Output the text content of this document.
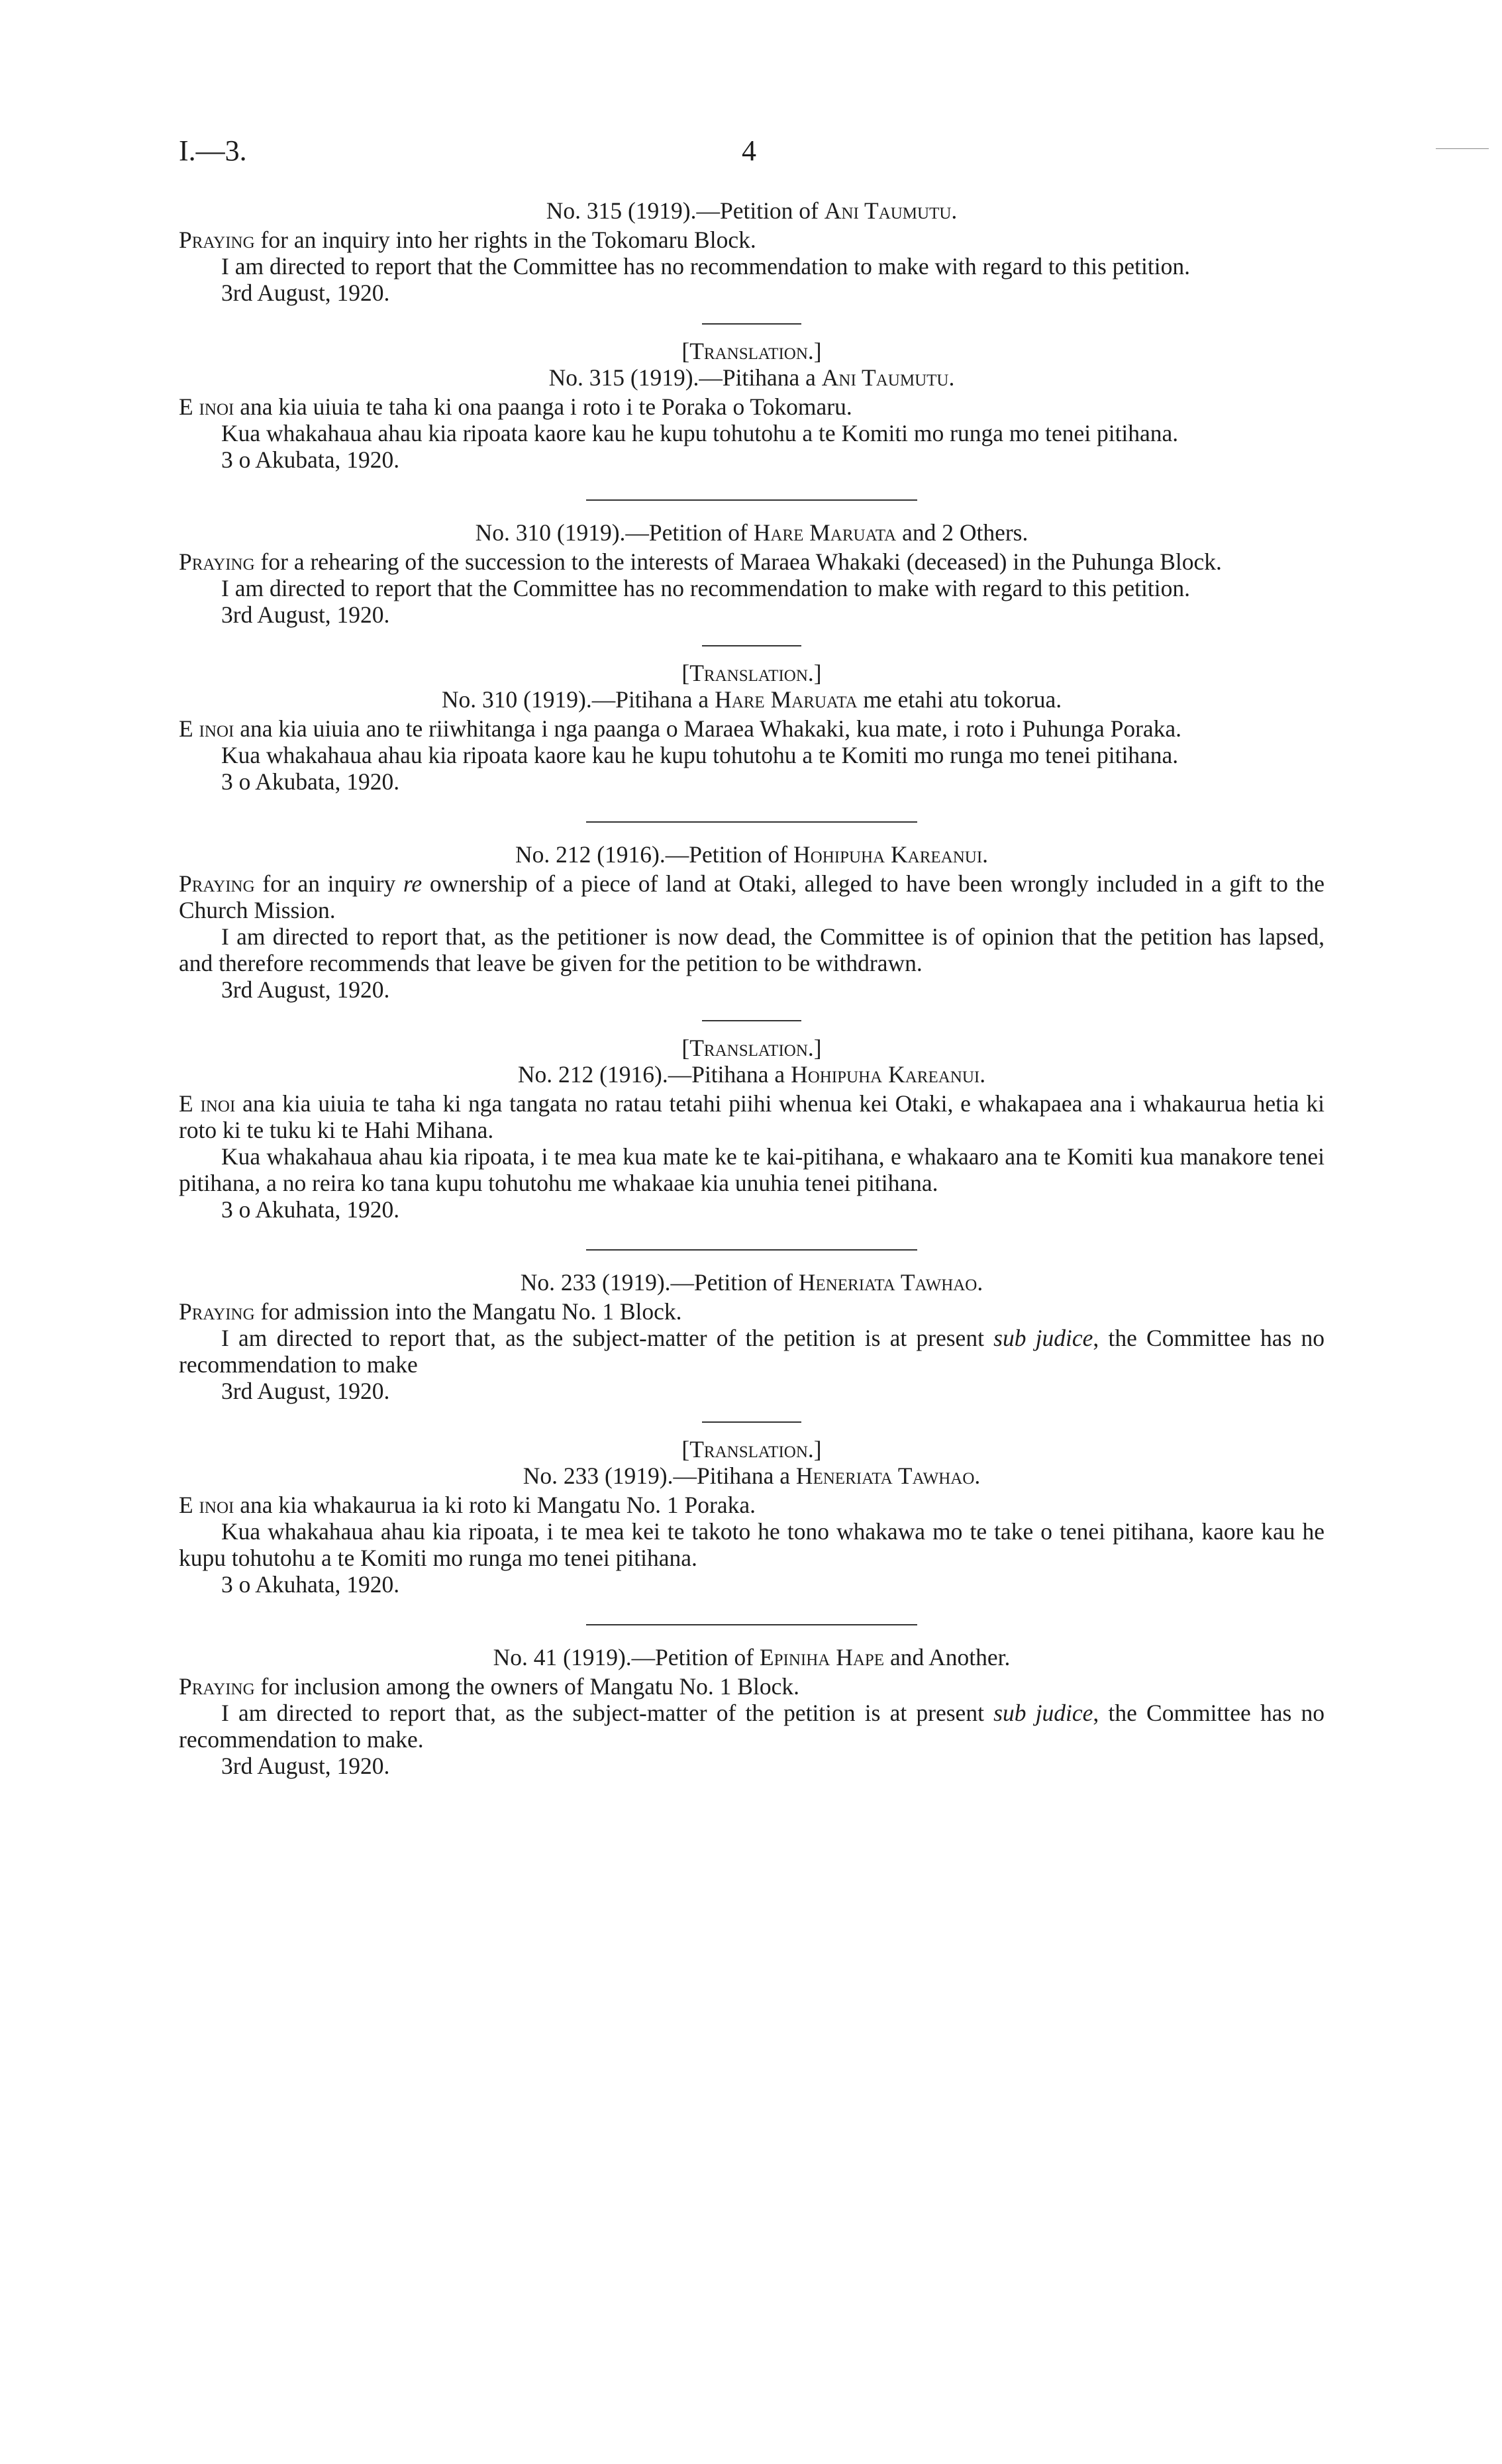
I.—3.	4

No. 315 (1919).—Petition of Ani Taumutu.

Praying for an inquiry into her rights in the Tokomaru Block.

I am directed to report that the Committee has no recommendation to make with regard to this petition.

3rd August, 1920.

[Translation.]

No. 315 (1919).—Pitihana a Ani Taumutu.

E inoi ana kia uiuia te taha ki ona paanga i roto i te Poraka o Tokomaru.

Kua whakahaua ahau kia ripoata kaore kau he kupu tohutohu a te Komiti mo runga mo tenei pitihana.

3 o Akubata, 1920.

No. 310 (1919).—Petition of Hare Maruata and 2 Others.

Praying for a rehearing of the succession to the interests of Maraea Whakaki (deceased) in the Puhunga Block.

I am directed to report that the Committee has no recommendation to make with regard to this petition.

3rd August, 1920.

[Translation.]

No. 310 (1919).—Pitihana a Hare Maruata me etahi atu tokorua.

E inoi ana kia uiuia ano te riiwhitanga i nga paanga o Maraea Whakaki, kua mate, i roto i Puhunga Poraka.

Kua whakahaua ahau kia ripoata kaore kau he kupu tohutohu a te Komiti mo runga mo tenei pitihana.

3 o Akubata, 1920.

No. 212 (1916).—Petition of Hohipuha Kareanui.

Praying for an inquiry re ownership of a piece of land at Otaki, alleged to have been wrongly included in a gift to the Church Mission.

I am directed to report that, as the petitioner is now dead, the Committee is of opinion that the petition has lapsed, and therefore recommends that leave be given for the petition to be withdrawn.

3rd August, 1920.

[Translation.]

No. 212 (1916).—Pitihana a Hohipuha Kareanui.

E inoi ana kia uiuia te taha ki nga tangata no ratau tetahi piihi whenua kei Otaki, e whakapaea ana i whakaurua hetia ki roto ki te tuku ki te Hahi Mihana.

Kua whakahaua ahau kia ripoata, i te mea kua mate ke te kai-pitihana, e whakaaro ana te Komiti kua manakore tenei pitihana, a no reira ko tana kupu tohutohu me whakaae kia unuhia tenei pitihana.

3 o Akuhata, 1920.

No. 233 (1919).—Petition of Heneriata Tawhao.

Praying for admission into the Mangatu No. 1 Block.

I am directed to report that, as the subject-matter of the petition is at present sub judice, the Committee has no recommendation to make

3rd August, 1920.

[Translation.]

No. 233 (1919).—Pitihana a Heneriata Tawhao.

E inoi ana kia whakaurua ia ki roto ki Mangatu No. 1 Poraka.

Kua whakahaua ahau kia ripoata, i te mea kei te takoto he tono whakawa mo te take o tenei pitihana, kaore kau he kupu tohutohu a te Komiti mo runga mo tenei pitihana.

3 o Akuhata, 1920.

No. 41 (1919).—Petition of Epiniha Hape and Another.

Praying for inclusion among the owners of Mangatu No. 1 Block.

I am directed to report that, as the subject-matter of the petition is at present sub judice, the Committee has no recommendation to make.

3rd August, 1920.
